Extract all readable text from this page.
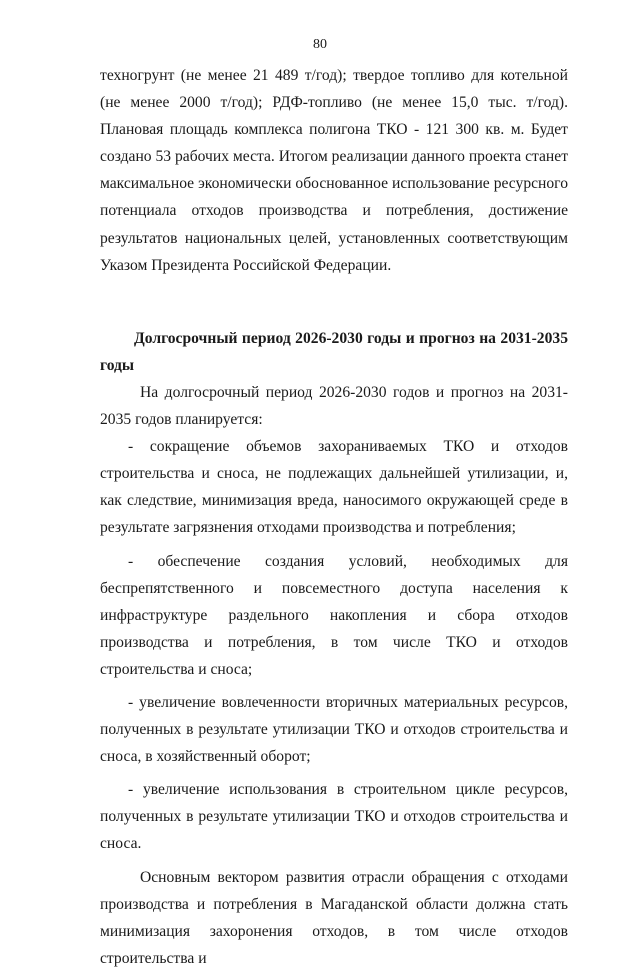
80

техногрунт (не менее 21 489 т/год); твердое топливо для котельной (не менее 2000 т/год); РДФ-топливо (не менее 15,0 тыс. т/год). Плановая площадь комплекса полигона ТКО - 121 300 кв. м. Будет создано 53 рабочих места. Итогом реализации данного проекта станет максимальное экономически обоснованное использование ресурсного потенциала отходов производства и потребления, достижение результатов национальных целей, установленных соответствующим Указом Президента Российской Федерации.

Долгосрочный период 2026-2030 годы и прогноз на 2031-2035 годы

На долгосрочный период 2026-2030 годов и прогноз на 2031- 2035 годов планируется:

- сокращение объемов захораниваемых ТКО и отходов строительства и сноса, не подлежащих дальнейшей утилизации, и, как следствие, минимизация вреда, наносимого окружающей среде в результате загрязнения отходами производства и потребления;

- обеспечение создания условий, необходимых для беспрепятственного и повсеместного доступа населения к инфраструктуре раздельного накопления и сбора отходов производства и потребления, в том числе ТКО и отходов строительства и сноса;

- увеличение вовлеченности вторичных материальных ресурсов, полученных в результате утилизации ТКО и отходов строительства и сноса, в хозяйственный оборот;

- увеличение использования в строительном цикле ресурсов, полученных в результате утилизации ТКО и отходов строительства и сноса.

Основным вектором развития отрасли обращения с отходами производства и потребления в Магаданской области должна стать минимизация захоронения отходов, в том числе отходов строительства и
